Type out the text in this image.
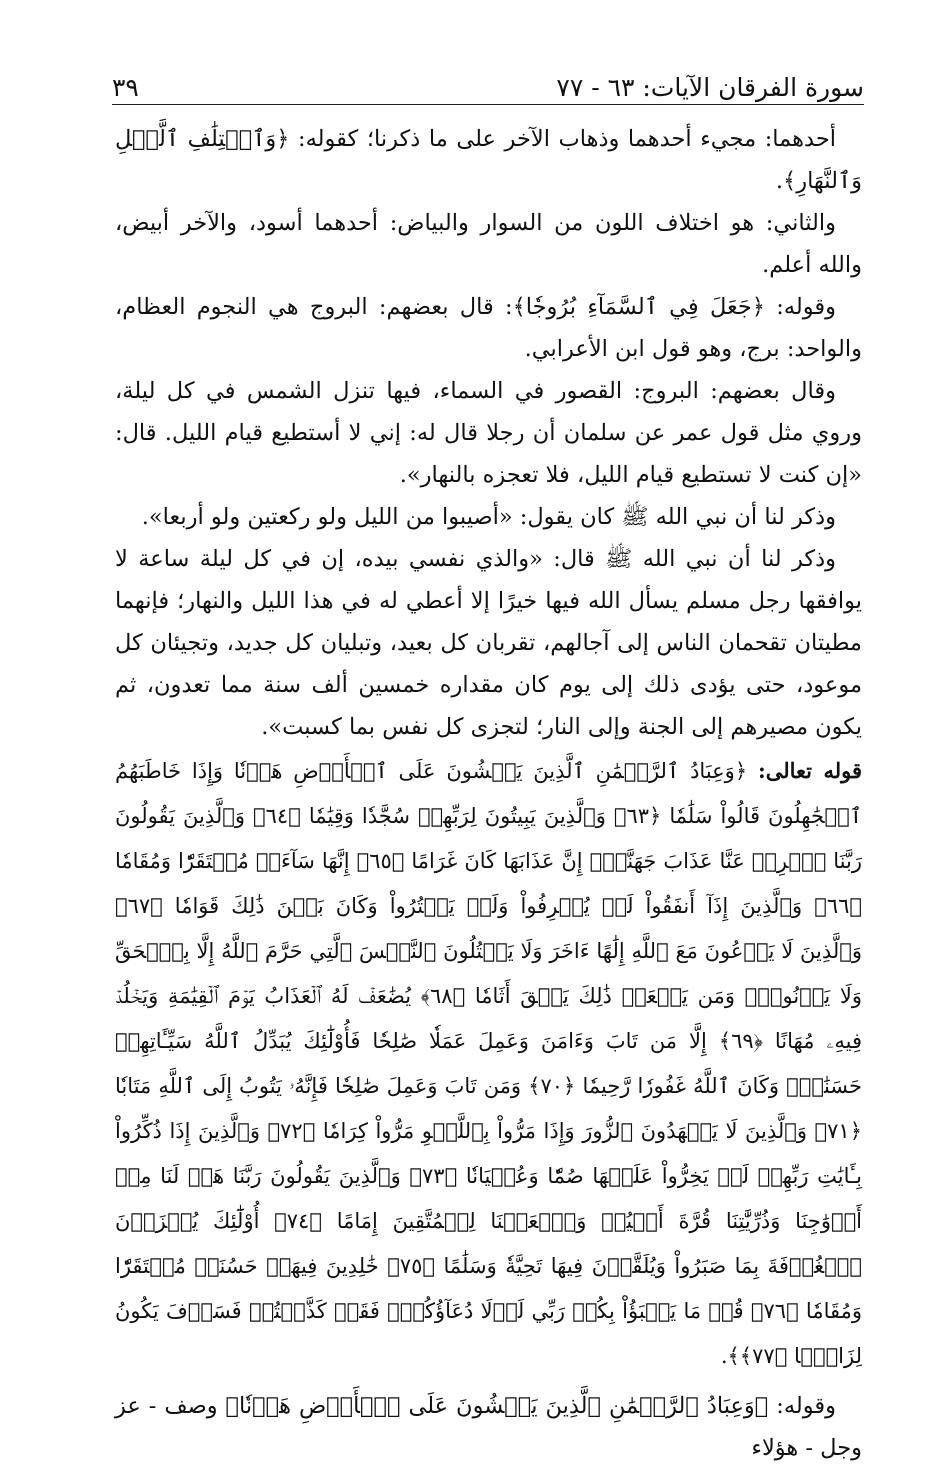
سورة الفرقان الآيات: ٦٣ - ٧٧
٣٩

أحدهما: مجيء أحدهما وذهاب الآخر على ما ذكرنا؛ كقوله: ﴿وَٱخۡتِلَٰفِ ٱلَّيۡلِ وَٱلنَّهَارِ﴾.

والثاني: هو اختلاف اللون من السوار والبياض: أحدهما أسود، والآخر أبيض، والله أعلم.

وقوله: ﴿جَعَلَ فِي ٱلسَّمَآءِ بُرُوجٗا﴾: قال بعضهم: البروج هي النجوم العظام، والواحد: برج، وهو قول ابن الأعرابي.

وقال بعضهم: البروج: القصور في السماء، فيها تنزل الشمس في كل ليلة، وروي مثل قول عمر عن سلمان أن رجلا قال له: إني لا أستطيع قيام الليل. قال: «إن كنت لا تستطيع قيام الليل، فلا تعجزه بالنهار».

وذكر لنا أن نبي الله ﷺ كان يقول: «أصيبوا من الليل ولو ركعتين ولو أربعا».

وذكر لنا أن نبي الله ﷺ قال: «والذي نفسي بيده، إن في كل ليلة ساعة لا يوافقها رجل مسلم يسأل الله فيها خيرًا إلا أعطي له في هذا الليل والنهار؛ فإنهما مطيتان تقحمان الناس إلى آجالهم، تقربان كل بعيد، وتبليان كل جديد، وتجيئان كل موعود، حتى يؤدى ذلك إلى يوم كان مقداره خمسين ألف سنة مما تعدون، ثم يكون مصيرهم إلى الجنة وإلى النار؛ لتجزى كل نفس بما كسبت».

قوله تعالى: ﴿وَعِبَادُ ٱلرَّحۡمَٰنِ ٱلَّذِينَ يَمۡشُونَ عَلَى ٱلۡأَرۡضِ هَوۡنٗا وَإِذَا خَاطَبَهُمُ ٱلۡجَٰهِلُونَ قَالُواْ سَلَٰمٗا ﴿٦٣﴾ وَٱلَّذِينَ يَبِيتُونَ لِرَبِّهِمۡ سُجَّدٗا وَقِيَٰمٗا ﴿٦٤﴾ وَٱلَّذِينَ يَقُولُونَ رَبَّنَا ٱصۡرِفۡ عَنَّا عَذَابَ جَهَنَّمَۖ إِنَّ عَذَابَهَا كَانَ غَرَامًا ﴿٦٥﴾ إِنَّهَا سَآءَتۡ مُسۡتَقَرّٗا وَمُقَامٗا ﴿٦٦﴾ وَٱلَّذِينَ إِذَآ أَنفَقُواْ لَمۡ يُسۡرِفُواْ وَلَمۡ يَقۡتُرُواْ وَكَانَ بَيۡنَ ذَٰلِكَ قَوَامٗا ﴿٦٧﴾ وَٱلَّذِينَ لَا يَدۡعُونَ مَعَ ٱللَّهِ إِلَٰهًا ءَاخَرَ وَلَا يَقۡتُلُونَ ٱلنَّفۡسَ ٱلَّتِي حَرَّمَ ٱللَّهُ إِلَّا بِٱلۡحَقِّ وَلَا يَزۡنُونَۚ وَمَن يَفۡعَلۡ ذَٰلِكَ يَلۡقَ أَثَامٗا ﴿٦٨﴾ يُضَٰعَفۡ لَهُ ٱلۡعَذَابُ يَوۡمَ ٱلۡقِيَٰمَةِ وَيَخۡلُدۡ فِيهِۦ مُهَانًا ﴿٦٩﴾ إِلَّا مَن تَابَ وَءَامَنَ وَعَمِلَ عَمَلٗا صَٰلِحٗا فَأُوْلَٰٓئِكَ يُبَدِّلُ ٱللَّهُ سَيِّـَٔاتِهِمۡ حَسَنَٰتٖۗ وَكَانَ ٱللَّهُ غَفُورٗا رَّحِيمٗا ﴿٧٠﴾ وَمَن تَابَ وَعَمِلَ صَٰلِحٗا فَإِنَّهُۥ يَتُوبُ إِلَى ٱللَّهِ مَتَابٗا ﴿٧١﴾ وَٱلَّذِينَ لَا يَشۡهَدُونَ ٱلزُّورَ وَإِذَا مَرُّواْ بِٱللَّغۡوِ مَرُّواْ كِرَامٗا ﴿٧٢﴾ وَٱلَّذِينَ إِذَا ذُكِّرُواْ بِـَٔايَٰتِ رَبِّهِمۡ لَمۡ يَخِرُّواْ عَلَيۡهَا صُمّٗا وَعُمۡيَانٗا ﴿٧٣﴾ وَٱلَّذِينَ يَقُولُونَ رَبَّنَا هَبۡ لَنَا مِنۡ أَزۡوَٰجِنَا وَذُرِّيَّٰتِنَا قُرَّةَ أَعۡيُنٖ وَٱجۡعَلۡنَا لِلۡمُتَّقِينَ إِمَامًا ﴿٧٤﴾ أُوْلَٰٓئِكَ يُجۡزَوۡنَ ٱلۡغُرۡفَةَ بِمَا صَبَرُواْ وَيُلَقَّوۡنَ فِيهَا تَحِيَّةٗ وَسَلَٰمًا ﴿٧٥﴾ خَٰلِدِينَ فِيهَاۚ حَسُنَتۡ مُسۡتَقَرّٗا وَمُقَامٗا ﴿٧٦﴾ قُلۡ مَا يَعۡبَؤُاْ بِكُمۡ رَبِّي لَوۡلَا دُعَآؤُكُمۡۖ فَقَدۡ كَذَّبۡتُمۡ فَسَوۡفَ يَكُونُ لِزَامَۢا ﴿٧٧﴾﴾.

وقوله: ﴿وَعِبَادُ ٱلرَّحۡمَٰنِ ٱلَّذِينَ يَمۡشُونَ عَلَى ٱلۡأَرۡضِ هَوۡنٗا﴾ وصف - عز وجل - هؤلاء
